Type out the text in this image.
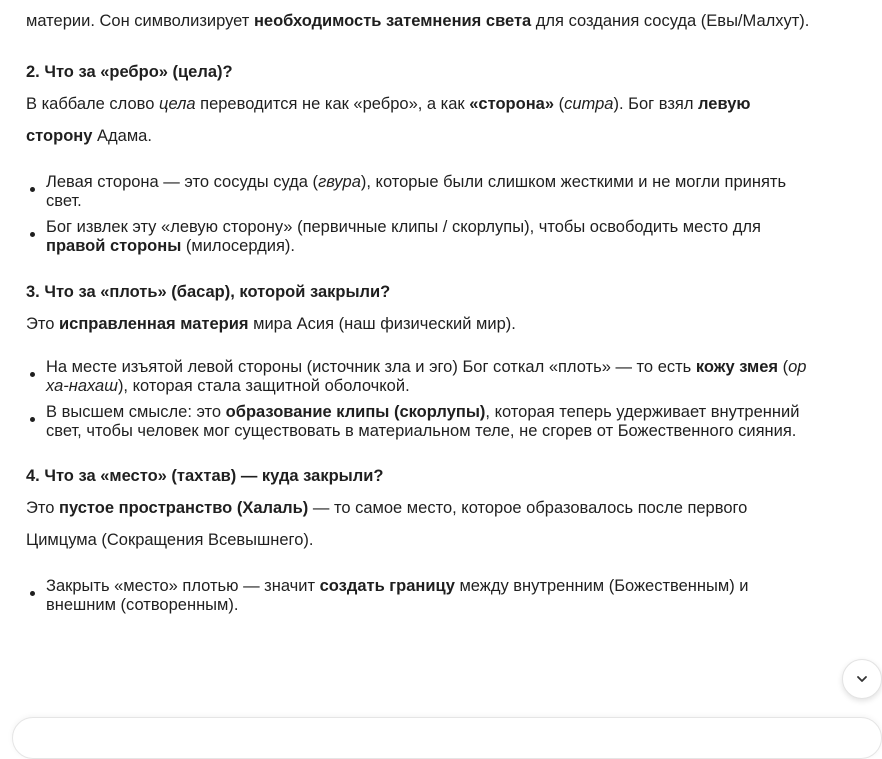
материи. Сон символизирует необходимость затемнения света для создания сосуда (Евы/Малхут).

2. Что за «ребро» (цела)?

В каббале слово цела переводится не как «ребро», а как «сторона» (ситра). Бог взял левую
сторону Адама.

Левая сторона — это сосуды суда (гвура), которые были слишком жесткими и не могли принять
свет.
Бог извлек эту «левую сторону» (первичные клипы / скорлупы), чтобы освободить место для
правой стороны (милосердия).
3. Что за «плоть» (басар), которой закрыли?

Это исправленная материя мира Асия (наш физический мир).

На месте изъятой левой стороны (источник зла и эго) Бог соткал «плоть» — то есть кожу змея (ор
ха-нахаш), которая стала защитной оболочкой.
В высшем смысле: это образование клипы (скорлупы), которая теперь удерживает внутренний
свет, чтобы человек мог существовать в материальном теле, не сгорев от Божественного сияния.
4. Что за «место» (тахтав) — куда закрыли?

Это пустое пространство (Халаль) — то самое место, которое образовалось после первого
Цимцума (Сокращения Всевышнего).

Закрыть «место» плотью — значит создать границу между внутренним (Божественным) и
внешним (сотворенным).
